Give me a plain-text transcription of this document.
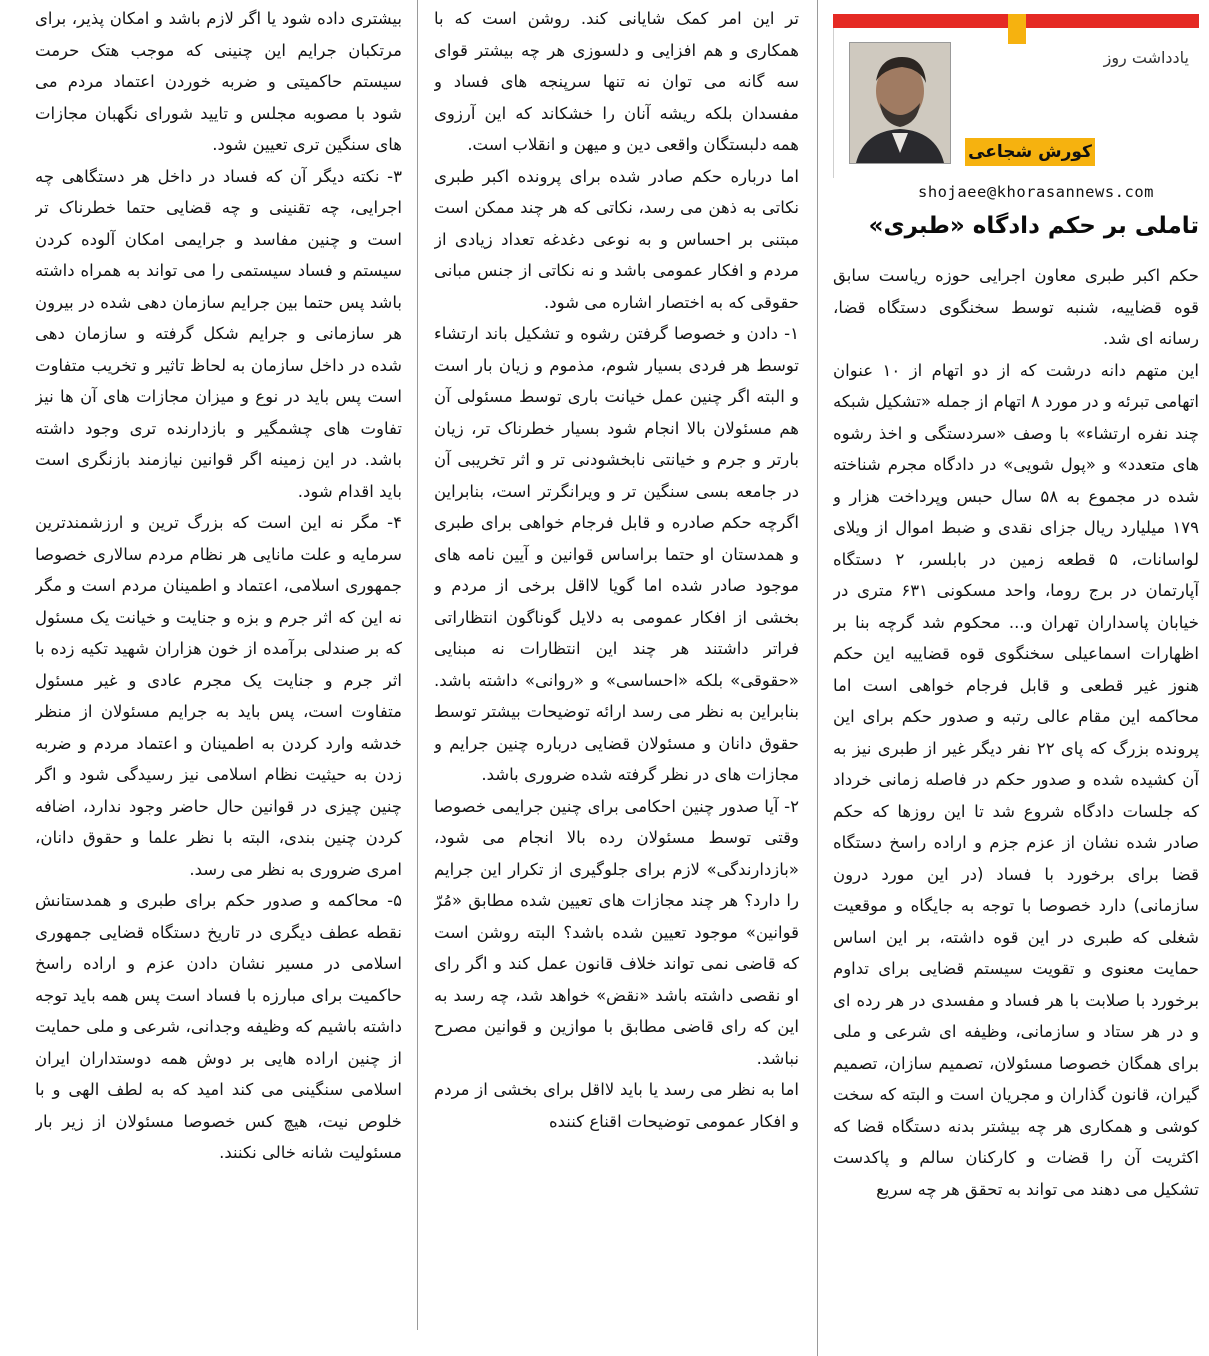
یادداشت روز
کورش شجاعی
shojaee@khorasannews.com
تاملی بر حکم دادگاه «طبری»

حکم اکبر طبری معاون اجرایی حوزه ریاست سابق قوه قضاییه، شنبه توسط سخنگوی دستگاه قضا، رسانه ای شد.

این متهم دانه درشت که از دو اتهام از ۱۰ عنوان اتهامی تبرئه و در مورد ۸ اتهام از جمله «تشکیل شبکه چند نفره ارتشاء» با وصف «سردستگی و اخذ رشوه های متعدد» و «پول شویی» در دادگاه مجرم شناخته شده در مجموع به ۵۸ سال حبس وپرداخت هزار و ۱۷۹ میلیارد ریال جزای نقدی و ضبط اموال از ویلای لواسانات، ۵ قطعه زمین در بابلسر، ۲ دستگاه آپارتمان در برج روما، واحد مسکونی ۶۳۱ متری در خیابان پاسداران تهران و... محکوم شد گرچه بنا بر اظهارات اسماعیلی سخنگوی قوه قضاییه این حکم هنوز غیر قطعی و قابل فرجام خواهی است اما محاکمه این مقام عالی رتبه و صدور حکم برای این پرونده بزرگ که پای ۲۲ نفر دیگر غیر از طبری نیز به آن کشیده شده و صدور حکم در فاصله زمانی خرداد که جلسات دادگاه شروع شد تا این روزها که حکم صادر شده نشان از عزم جزم و اراده راسخ دستگاه قضا برای برخورد با فساد (در این مورد درون سازمانی) دارد خصوصا با توجه به جایگاه و موقعیت شغلی که طبری در این قوه داشته، بر این اساس حمایت معنوی و تقویت سیستم قضایی برای تداوم برخورد با صلابت با هر فساد و مفسدی در هر رده ای و در هر ستاد و سازمانی، وظیفه ای شرعی و ملی برای همگان خصوصا مسئولان، تصمیم سازان، تصمیم گیران، قانون گذاران و مجریان است و البته که سخت کوشی و همکاری هر چه بیشتر بدنه دستگاه قضا که اکثریت آن را قضات و کارکنان سالم و پاکدست تشکیل می دهند می تواند به تحقق هر چه سریع

تر این امر کمک شایانی کند. روشن است که با همکاری و هم افزایی و دلسوزی هر چه بیشتر قوای سه گانه می توان نه تنها سرپنجه های فساد و مفسدان بلکه ریشه آنان را خشکاند که این آرزوی همه دلبستگان واقعی دین و میهن و انقلاب است.

اما درباره حکم صادر شده برای پرونده اکبر طبری نکاتی به ذهن می رسد، نکاتی که هر چند ممکن است مبتنی بر احساس و به نوعی دغدغه تعداد زیادی از مردم و افکار عمومی باشد و نه نکاتی از جنس مبانی حقوقی که به اختصار اشاره می شود.

۱- دادن و خصوصا گرفتن رشوه و تشکیل باند ارتشاء توسط هر فردی بسیار شوم، مذموم و زیان بار است و البته اگر چنین عمل خیانت باری توسط مسئولی آن هم مسئولان بالا انجام شود بسیار خطرناک تر، زیان بارتر و جرم و خیانتی نابخشودنی تر و اثر تخریبی آن در جامعه بسی سنگین تر و ویرانگرتر است، بنابراین اگرچه حکم صادره و قابل فرجام خواهی برای طبری و همدستان او حتما براساس قوانین و آیین نامه های موجود صادر شده اما گویا لااقل برخی از مردم و بخشی از افکار عمومی به دلایل گوناگون انتظاراتی فراتر داشتند هر چند این انتظارات نه مبنایی «حقوقی» بلکه «احساسی» و «روانی» داشته باشد. بنابراین به نظر می رسد ارائه توضیحات بیشتر توسط حقوق دانان و مسئولان قضایی درباره چنین جرایم و مجازات های در نظر گرفته شده ضروری باشد.

۲- آیا صدور چنین احکامی برای چنین جرایمی خصوصا وقتی توسط مسئولان رده بالا انجام می شود، «بازدارندگی» لازم برای جلوگیری از تکرار این جرایم را دارد؟ هر چند مجازات های تعیین شده مطابق «مُرّ قوانین» موجود تعیین شده باشد؟ البته روشن است که قاضی نمی تواند خلاف قانون عمل کند و اگر رای او نقصی داشته باشد «نقض» خواهد شد، چه رسد به این که رای قاضی مطابق با موازین و قوانین مصرح نباشد.

اما به نظر می رسد یا باید لااقل برای بخشی از مردم و افکار عمومی توضیحات اقناع کننده

بیشتری داده شود یا اگر لازم باشد و امکان پذیر، برای مرتکبان جرایم این چنینی که موجب هتک حرمت سیستم حاکمیتی و ضربه خوردن اعتماد مردم می شود با مصوبه مجلس و تایید شورای نگهبان مجازات های سنگین تری تعیین شود.

۳- نکته دیگر آن که فساد در داخل هر دستگاهی چه اجرایی، چه تقنینی و چه قضایی حتما خطرناک تر است و چنین مفاسد و جرایمی امکان آلوده کردن سیستم و فساد سیستمی را می تواند به همراه داشته باشد پس حتما بین جرایم سازمان دهی شده در بیرون هر سازمانی و جرایم شکل گرفته و سازمان دهی شده در داخل سازمان به لحاظ تاثیر و تخریب متفاوت است پس باید در نوع و میزان مجازات های آن ها نیز تفاوت های چشمگیر و بازدارنده تری وجود داشته باشد. در این زمینه اگر قوانین نیازمند بازنگری است باید اقدام شود.

۴- مگر نه این است که بزرگ ترین و ارزشمندترین سرمایه و علت مانایی هر نظام مردم سالاری خصوصا جمهوری اسلامی، اعتماد و اطمینان مردم است و مگر نه این که اثر جرم و بزه و جنایت و خیانت یک مسئول که بر صندلی برآمده از خون هزاران شهید تکیه زده با اثر جرم و جنایت یک مجرم عادی و غیر مسئول متفاوت است، پس باید به جرایم مسئولان از منظر خدشه وارد کردن به اطمینان و اعتماد مردم و ضربه زدن به حیثیت نظام اسلامی نیز رسیدگی شود و اگر چنین چیزی در قوانین حال حاضر وجود ندارد، اضافه کردن چنین بندی، البته با نظر علما و حقوق دانان، امری ضروری به نظر می رسد.

۵- محاکمه و صدور حکم برای طبری و همدستانش نقطه عطف دیگری در تاریخ دستگاه قضایی جمهوری اسلامی در مسیر نشان دادن عزم و اراده راسخ حاکمیت برای مبارزه با فساد است پس همه باید توجه داشته باشیم که وظیفه وجدانی، شرعی و ملی حمایت از چنین اراده هایی بر دوش همه دوستداران ایران اسلامی سنگینی می کند امید که به لطف الهی و با خلوص نیت، هیچ کس خصوصا مسئولان از زیر بار مسئولیت شانه خالی نکنند.
